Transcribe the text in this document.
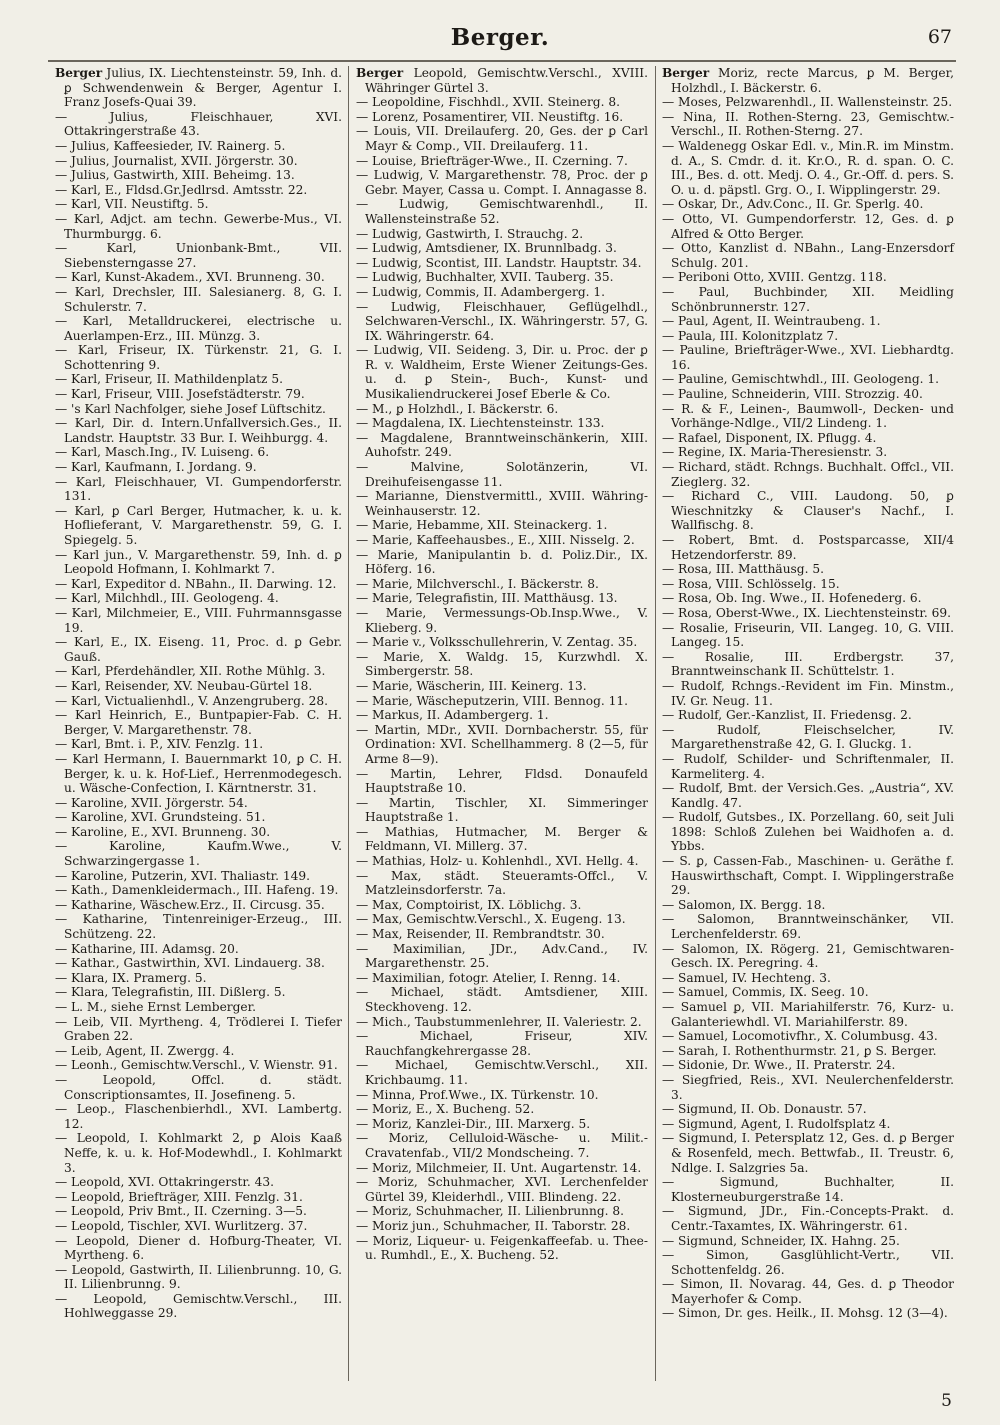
Berger.	67
Berger Julius, IX. Liechtensteinstr. 59, Inh. d. ꝑ Schwendenwein & Berger, Agentur I. Franz Josefs-Quai 39.
— Julius, Fleischhauer, XVI. Ottakringerstraße 43.
— Julius, Kaffeesieder, IV. Rainerg. 5.
— Julius, Journalist, XVII. Jörgerstr. 30.
— Julius, Gastwirth, XIII. Beheimg. 13.
— Karl, E., Fldsd.Gr.Jedlrsd. Amtsstr. 22.
— Karl, VII. Neustiftg. 5.
— Karl, Adjct. am techn. Gewerbe-Mus., VI. Thurmburgg. 6.
— Karl, Unionbank-Bmt., VII. Siebensterngasse 27.
— Karl, Kunst-Akadem., XVI. Brunneng. 30.
— Karl, Drechsler, III. Salesianerg. 8, G. I. Schulerstr. 7.
— Karl, Metalldruckerei, electrische u. Auerlampen-Erz., III. Münzg. 3.
— Karl, Friseur, IX. Türkenstr. 21, G. I. Schottenring 9.
— Karl, Friseur, II. Mathildenplatz 5.
— Karl, Friseur, VIII. Josefstädterstr. 79.
— 's Karl Nachfolger, siehe Josef Lüftschitz.
— Karl, Dir. d. Intern.Unfallversich.Ges., II. Landstr. Hauptstr. 33 Bur. I. Weihburgg. 4.
— Karl, Masch.Ing., IV. Luiseng. 6.
— Karl, Kaufmann, I. Jordang. 9.
— Karl, Fleischhauer, VI. Gumpendorferstr. 131.
— Karl, ꝑ Carl Berger, Hutmacher, k. u. k. Hoflieferant, V. Margarethenstr. 59, G. I. Spiegelg. 5.
— Karl jun., V. Margarethenstr. 59, Inh. d. ꝑ Leopold Hofmann, I. Kohlmarkt 7.
— Karl, Expeditor d. NBahn., II. Darwing. 12.
— Karl, Milchhdl., III. Geologeng. 4.
— Karl, Milchmeier, E., VIII. Fuhrmannsgasse 19.
— Karl, E., IX. Eiseng. 11, Proc. d. ꝑ Gebr. Gauß.
— Karl, Pferdehändler, XII. Rothe Mühlg. 3.
— Karl, Reisender, XV. Neubau-Gürtel 18.
— Karl, Victualienhdl., V. Anzengruberg. 28.
— Karl Heinrich, E., Buntpapier-Fab. C. H. Berger, V. Margarethenstr. 78.
— Karl, Bmt. i. P., XIV. Fenzlg. 11.
— Karl Hermann, I. Bauernmarkt 10, ꝑ C. H. Berger, k. u. k. Hof-Lief., Herrenmodegesch. u. Wäsche-Confection, I. Kärntnerstr. 31.
— Karoline, XVII. Jörgerstr. 54.
— Karoline, XVI. Grundsteing. 51.
— Karoline, E., XVI. Brunneng. 30.
— Karoline, Kaufm.Wwe., V. Schwarzingergasse 1.
— Karoline, Putzerin, XVI. Thaliastr. 149.
— Kath., Damenkleidermach., III. Hafeng. 19.
— Katharine, Wäschew.Erz., II. Circusg. 35.
— Katharine, Tintenreiniger-Erzeug., III. Schützeng. 22.
— Katharine, III. Adamsg. 20.
— Kathar., Gastwirthin, XVI. Lindauerg. 38.
— Klara, IX. Pramerg. 5.
— Klara, Telegrafistin, III. Dißlerg. 5.
— L. M., siehe Ernst Lemberger.
— Leib, VII. Myrtheng. 4, Trödlerei I. Tiefer Graben 22.
— Leib, Agent, II. Zwergg. 4.
— Leonh., Gemischtw.Verschl., V. Wienstr. 91.
— Leopold, Offcl. d. städt. Conscriptionsamtes, II. Josefineng. 5.
— Leop., Flaschenbierhdl., XVI. Lambertg. 12.
— Leopold, I. Kohlmarkt 2, ꝑ Alois Kaaß Neffe, k. u. k. Hof-Modewhdl., I. Kohlmarkt 3.
— Leopold, XVI. Ottakringerstr. 43.
— Leopold, Briefträger, XIII. Fenzlg. 31.
— Leopold, Priv Bmt., II. Czerning. 3—5.
— Leopold, Tischler, XVI. Wurlitzerg. 37.
— Leopold, Diener d. Hofburg-Theater, VI. Myrtheng. 6.
— Leopold, Gastwirth, II. Lilienbrunng. 10, G. II. Lilienbrunng. 9.
— Leopold, Gemischtw.Verschl., III. Hohlweggasse 29.
Berger Leopold, Gemischtw.Verschl., XVIII. Währinger Gürtel 3.
— Leopoldine, Fischhdl., XVII. Steinerg. 8.
— Lorenz, Posamentirer, VII. Neustiftg. 16.
— Louis, VII. Dreilauferg. 20, Ges. der ꝑ Carl Mayr & Comp., VII. Dreilauferg. 11.
— Louise, Briefträger-Wwe., II. Czerning. 7.
— Ludwig, V. Margarethenstr. 78, Proc. der ꝑ Gebr. Mayer, Cassa u. Compt. I. Annagasse 8.
— Ludwig, Gemischtwarenhdl., II. Wallensteinstraße 52.
— Ludwig, Gastwirth, I. Strauchg. 2.
— Ludwig, Amtsdiener, IX. Brunnlbadg. 3.
— Ludwig, Scontist, III. Landstr. Hauptstr. 34.
— Ludwig, Buchhalter, XVII. Tauberg. 35.
— Ludwig, Commis, II. Adambergerg. 1.
— Ludwig, Fleischhauer, Geflügelhdl., Selchwaren-Verschl., IX. Währingerstr. 57, G. IX. Währingerstr. 64.
— Ludwig, VII. Seideng. 3, Dir. u. Proc. der ꝑ R. v. Waldheim, Erste Wiener Zeitungs-Ges. u. d. ꝑ Stein-, Buch-, Kunst- und Musikaliendruckerei Josef Eberle & Co.
— M., ꝑ Holzhdl., I. Bäckerstr. 6.
— Magdalena, IX. Liechtensteinstr. 133.
— Magdalene, Branntweinschänkerin, XIII. Auhofstr. 249.
— Malvine, Solotänzerin, VI. Dreihufeisengasse 11.
— Marianne, Dienstvermittl., XVIII. Währing-Weinhauserstr. 12.
— Marie, Hebamme, XII. Steinackerg. 1.
— Marie, Kaffeehausbes., E., XIII. Nisselg. 2.
— Marie, Manipulantin b. d. Poliz.Dir., IX. Höferg. 16.
— Marie, Milchverschl., I. Bäckerstr. 8.
— Marie, Telegrafistin, III. Matthäusg. 13.
— Marie, Vermessungs-Ob.Insp.Wwe., V. Klieberg. 9.
— Marie v., Volksschullehrerin, V. Zentag. 35.
— Marie, X. Waldg. 15, Kurzwhdl. X. Simbergerstr. 58.
— Marie, Wäscherin, III. Keinerg. 13.
— Marie, Wäscheputzerin, VIII. Bennog. 11.
— Markus, II. Adambergerg. 1.
— Martin, MDr., XVII. Dornbacherstr. 55, für Ordination: XVI. Schellhammerg. 8 (2—5, für Arme 8—9).
— Martin, Lehrer, Fldsd. Donaufeld Hauptstraße 10.
— Martin, Tischler, XI. Simmeringer Hauptstraße 1.
— Mathias, Hutmacher, M. Berger & Feldmann, VI. Millerg. 37.
— Mathias, Holz- u. Kohlenhdl., XVI. Hellg. 4.
— Max, städt. Steueramts-Offcl., V. Matzleinsdorferstr. 7a.
— Max, Comptoirist, IX. Löblichg. 3.
— Max, Gemischtw.Verschl., X. Eugeng. 13.
— Max, Reisender, II. Rembrandtstr. 30.
— Maximilian, JDr., Adv.Cand., IV. Margarethenstr. 25.
— Maximilian, fotogr. Atelier, I. Renng. 14.
— Michael, städt. Amtsdiener, XIII. Steckhoveng. 12.
— Mich., Taubstummenlehrer, II. Valeriestr. 2.
— Michael, Friseur, XIV. Rauchfangkehrergasse 28.
— Michael, Gemischtw.Verschl., XII. Krichbaumg. 11.
— Minna, Prof.Wwe., IX. Türkenstr. 10.
— Moriz, E., X. Bucheng. 52.
— Moriz, Kanzlei-Dir., III. Marxerg. 5.
— Moriz, Celluloid-Wäsche- u. Milit.-Cravatenfab., VII/2 Mondscheing. 7.
— Moriz, Milchmeier, II. Unt. Augartenstr. 14.
— Moriz, Schuhmacher, XVI. Lerchenfelder Gürtel 39, Kleiderhdl., VIII. Blindeng. 22.
— Moriz, Schuhmacher, II. Lilienbrunng. 8.
— Moriz jun., Schuhmacher, II. Taborstr. 28.
— Moriz, Liqueur- u. Feigenkaffeefab. u. Thee- u. Rumhdl., E., X. Bucheng. 52.
Berger Moriz, recte Marcus, ꝑ M. Berger, Holzhdl., I. Bäckerstr. 6.
— Moses, Pelzwarenhdl., II. Wallensteinstr. 25.
— Nina, II. Rothen-Sterng. 23, Gemischtw.-Verschl., II. Rothen-Sterng. 27.
— Waldenegg Oskar Edl. v., Min.R. im Minstm. d. A., S. Cmdr. d. it. Kr.O., R. d. span. O. C. III., Bes. d. ott. Medj. O. 4., Gr.-Off. d. pers. S. O. u. d. päpstl. Grg. O., I. Wipplingerstr. 29.
— Oskar, Dr., Adv.Conc., II. Gr. Sperlg. 40.
— Otto, VI. Gumpendorferstr. 12, Ges. d. ꝑ Alfred & Otto Berger.
— Otto, Kanzlist d. NBahn., Lang-Enzersdorf Schulg. 201.
— Periboni Otto, XVIII. Gentzg. 118.
— Paul, Buchbinder, XII. Meidling Schönbrunnerstr. 127.
— Paul, Agent, II. Weintraubeng. 1.
— Paula, III. Kolonitzplatz 7.
— Pauline, Briefträger-Wwe., XVI. Liebhardtg. 16.
— Pauline, Gemischtwhdl., III. Geologeng. 1.
— Pauline, Schneiderin, VIII. Strozzig. 40.
— R. & F., Leinen-, Baumwoll-, Decken- und Vorhänge-Ndlge., VII/2 Lindeng. 1.
— Rafael, Disponent, IX. Pflugg. 4.
— Regine, IX. Maria-Theresienstr. 3.
— Richard, städt. Rchngs. Buchhalt. Offcl., VII. Zieglerg. 32.
— Richard C., VIII. Laudong. 50, ꝑ Wieschnitzky & Clauser's Nachf., I. Wallfischg. 8.
— Robert, Bmt. d. Postsparcasse, XII/4 Hetzendorferstr. 89.
— Rosa, III. Matthäusg. 5.
— Rosa, VIII. Schlösselg. 15.
— Rosa, Ob. Ing. Wwe., II. Hofenederg. 6.
— Rosa, Oberst-Wwe., IX. Liechtensteinstr. 69.
— Rosalie, Friseurin, VII. Langeg. 10, G. VIII. Langeg. 15.
— Rosalie, III. Erdbergstr. 37, Branntweinschank II. Schüttelstr. 1.
— Rudolf, Rchngs.-Revident im Fin. Minstm., IV. Gr. Neug. 11.
— Rudolf, Ger.-Kanzlist, II. Friedensg. 2.
— Rudolf, Fleischselcher, IV. Margarethenstraße 42, G. I. Gluckg. 1.
— Rudolf, Schilder- und Schriftenmaler, II. Karmeliterg. 4.
— Rudolf, Bmt. der Versich.Ges. „Austria“, XV. Kandlg. 47.
— Rudolf, Gutsbes., IX. Porzellang. 60, seit Juli 1898: Schloß Zulehen bei Waidhofen a. d. Ybbs.
— S. ꝑ, Cassen-Fab., Maschinen- u. Geräthe f. Hauswirthschaft, Compt. I. Wipplingerstraße 29.
— Salomon, IX. Bergg. 18.
— Salomon, Branntweinschänker, VII. Lerchenfelderstr. 69.
— Salomon, IX. Rögerg. 21, Gemischtwaren-Gesch. IX. Peregring. 4.
— Samuel, IV. Hechteng. 3.
— Samuel, Commis, IX. Seeg. 10.
— Samuel ꝑ, VII. Mariahilferstr. 76, Kurz- u. Galanteriewhdl. VI. Mariahilferstr. 89.
— Samuel, Locomotivfhr., X. Columbusg. 43.
— Sarah, I. Rothenthurmstr. 21, ꝑ S. Berger.
— Sidonie, Dr. Wwe., II. Praterstr. 24.
— Siegfried, Reis., XVI. Neulerchenfelderstr. 3.
— Sigmund, II. Ob. Donaustr. 57.
— Sigmund, Agent, I. Rudolfsplatz 4.
— Sigmund, I. Petersplatz 12, Ges. d. ꝑ Berger & Rosenfeld, mech. Bettwfab., II. Treustr. 6, Ndlge. I. Salzgries 5a.
— Sigmund, Buchhalter, II. Klosterneuburgerstraße 14.
— Sigmund, JDr., Fin.-Concepts-Prakt. d. Centr.-Taxamtes, IX. Währingerstr. 61.
— Sigmund, Schneider, IX. Hahng. 25.
— Simon, Gasglühlicht-Vertr., VII. Schottenfeldg. 26.
— Simon, II. Novarag. 44, Ges. d. ꝑ Theodor Mayerhofer & Comp.
— Simon, Dr. ges. Heilk., II. Mohsg. 12 (3—4).
5
